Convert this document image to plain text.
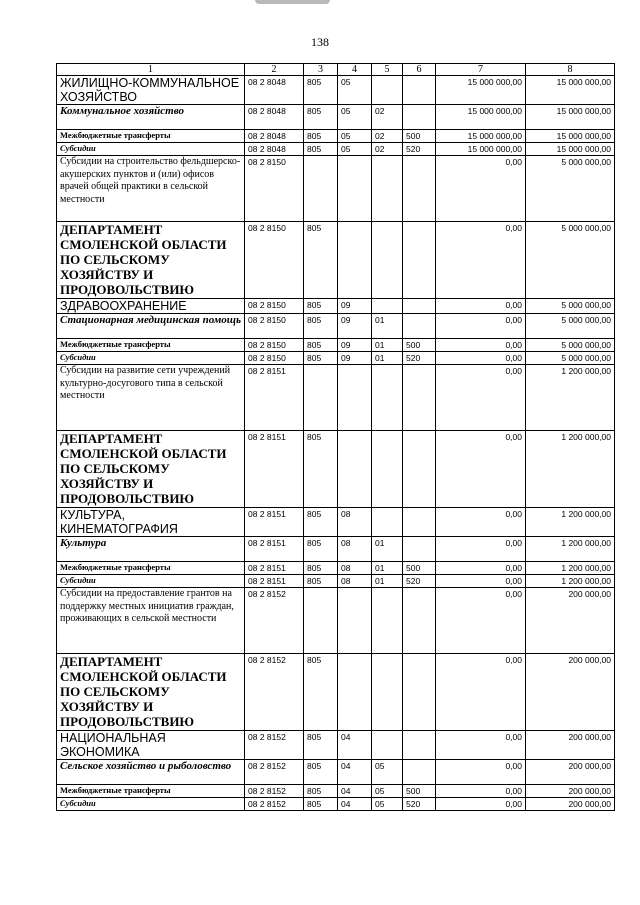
138
1	2	3	4	5	6	7	8
ЖИЛИЩНО-КОММУНАЛЬНОЕ ХОЗЯЙСТВО	08 2 8048	805	05			15 000 000,00	15 000 000,00
Коммунальное хозяйство	08 2 8048	805	05	02		15 000 000,00	15 000 000,00
Межбюджетные трансферты	08 2 8048	805	05	02	500	15 000 000,00	15 000 000,00
Субсидии	08 2 8048	805	05	02	520	15 000 000,00	15 000 000,00
Субсидии на строительство фельдшерско-акушерских пунктов и (или) офисов врачей общей практики в сельской местности	08 2 8150					0,00	5 000 000,00
ДЕПАРТАМЕНТ СМОЛЕНСКОЙ ОБЛАСТИ ПО СЕЛЬСКОМУ ХОЗЯЙСТВУ И ПРОДОВОЛЬСТВИЮ	08 2 8150	805				0,00	5 000 000,00
ЗДРАВООХРАНЕНИЕ	08 2 8150	805	09			0,00	5 000 000,00
Стационарная медицинская помощь	08 2 8150	805	09	01		0,00	5 000 000,00
Межбюджетные трансферты	08 2 8150	805	09	01	500	0,00	5 000 000,00
Субсидии	08 2 8150	805	09	01	520	0,00	5 000 000,00
Субсидии на развитие сети учреждений культурно-досугового типа в сельской местности	08 2 8151					0,00	1 200 000,00
ДЕПАРТАМЕНТ СМОЛЕНСКОЙ ОБЛАСТИ ПО СЕЛЬСКОМУ ХОЗЯЙСТВУ И ПРОДОВОЛЬСТВИЮ	08 2 8151	805				0,00	1 200 000,00
КУЛЬТУРА, КИНЕМАТОГРАФИЯ	08 2 8151	805	08			0,00	1 200 000,00
Культура	08 2 8151	805	08	01		0,00	1 200 000,00
Межбюджетные трансферты	08 2 8151	805	08	01	500	0,00	1 200 000,00
Субсидии	08 2 8151	805	08	01	520	0,00	1 200 000,00
Субсидии на предоставление грантов на поддержку местных инициатив граждан, проживающих в сельской местности	08 2 8152					0,00	200 000,00
ДЕПАРТАМЕНТ СМОЛЕНСКОЙ ОБЛАСТИ ПО СЕЛЬСКОМУ ХОЗЯЙСТВУ И ПРОДОВОЛЬСТВИЮ	08 2 8152	805				0,00	200 000,00
НАЦИОНАЛЬНАЯ ЭКОНОМИКА	08 2 8152	805	04			0,00	200 000,00
Сельское хозяйство и рыболовство	08 2 8152	805	04	05		0,00	200 000,00
Межбюджетные трансферты	08 2 8152	805	04	05	500	0,00	200 000,00
Субсидии	08 2 8152	805	04	05	520	0,00	200 000,00
